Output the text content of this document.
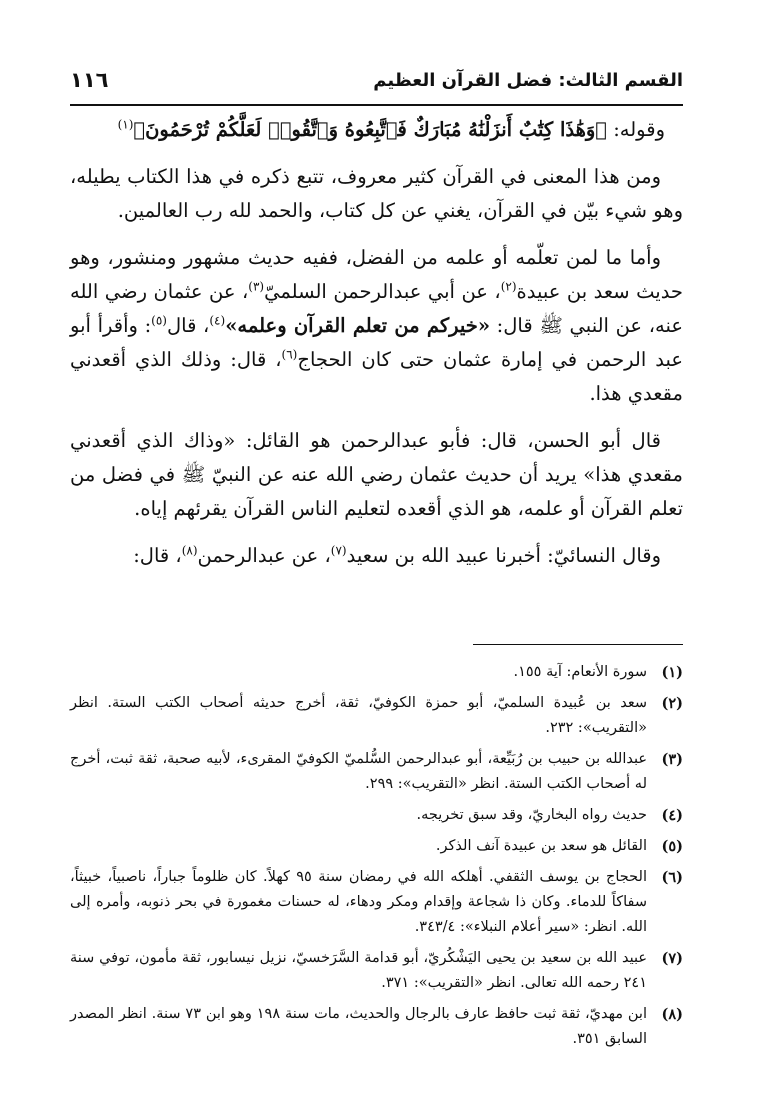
القسم الثالث: فضل القرآن العظيم
١١٦

وقوله: ﴿وَهَٰذَا كِتَٰبٌ أَنزَلْنَٰهُ مُبَارَكٌ فَٱتَّبِعُوهُ وَٱتَّقُوا۟ لَعَلَّكُمْ تُرْحَمُونَ﴾$^{(١)}$

ومن هذا المعنى في القرآن كثير معروف، تتبع ذكره في هذا الكتاب يطيله، وهو شيء بيّن في القرآن، يغني عن كل كتاب، والحمد لله رب العالمين.

وأما ما لمن تعلّمه أو علمه من الفضل، ففيه حديث مشهور ومنشور، وهو حديث سعد بن عبيدة$^{(٢)}$، عن أبي عبدالرحمن السلميّ$^{(٣)}$، عن عثمان رضي الله عنه، عن النبي ﷺ قال: «خيركم من تعلم القرآن وعلمه»$^{(٤)}$، قال$^{(٥)}$: وأقرأ أبو عبد الرحمن في إمارة عثمان حتى كان الحجاج$^{(٦)}$، قال: وذلك الذي أقعدني مقعدي هذا.

قال أبو الحسن، قال: فأبو عبدالرحمن هو القائل: «وذاك الذي أقعدني مقعدي هذا» يريد أن حديث عثمان رضي الله عنه عن النبيّ ﷺ في فضل من تعلم القرآن أو علمه، هو الذي أقعده لتعليم الناس القرآن يقرئهم إياه.

وقال النسائيّ: أخبرنا عبيد الله بن سعيد$^{(٧)}$، عن عبدالرحمن$^{(٨)}$، قال:

(١)
سورة الأنعام: آية ١٥٥.
(٢)
سعد بن عُبيدة السلميّ، أبو حمزة الكوفيّ، ثقة، أخرج حديثه أصحاب الكتب الستة. انظر «التقريب»: ٢٣٢.
(٣)
عبدالله بن حبيب بن رُبَيِّعة، أبو عبدالرحمن السُّلميّ الكوفيّ المقرىء، لأبيه صحبة، ثقة ثبت، أخرج له أصحاب الكتب الستة. انظر «التقريب»: ٢٩٩.
(٤)
حديث رواه البخاريّ، وقد سبق تخريجه.
(٥)
القائل هو سعد بن عبيدة آنف الذكر.
(٦)
الحجاج بن يوسف الثقفي. أهلكه الله في رمضان سنة ٩٥ كهلاً. كان ظلوماً جباراً، ناصبياً، خبيثاً، سفاكاً للدماء. وكان ذا شجاعة وإقدام ومكر ودهاء، له حسنات مغمورة في بحر ذنوبه، وأمره إلى الله. انظر: «سير أعلام النبلاء»: ٣٤٣/٤.
(٧)
عبيد الله بن سعيد بن يحيى اليَشْكُريّ، أبو قدامة السَّرَخسيّ، نزيل نيسابور، ثقة مأمون، توفي سنة ٢٤١ رحمه الله تعالى. انظر «التقريب»: ٣٧١.
(٨)
ابن مهديّ، ثقة ثبت حافظ عارف بالرجال والحديث، مات سنة ١٩٨ وهو ابن ٧٣ سنة. انظر المصدر السابق ٣٥١.
